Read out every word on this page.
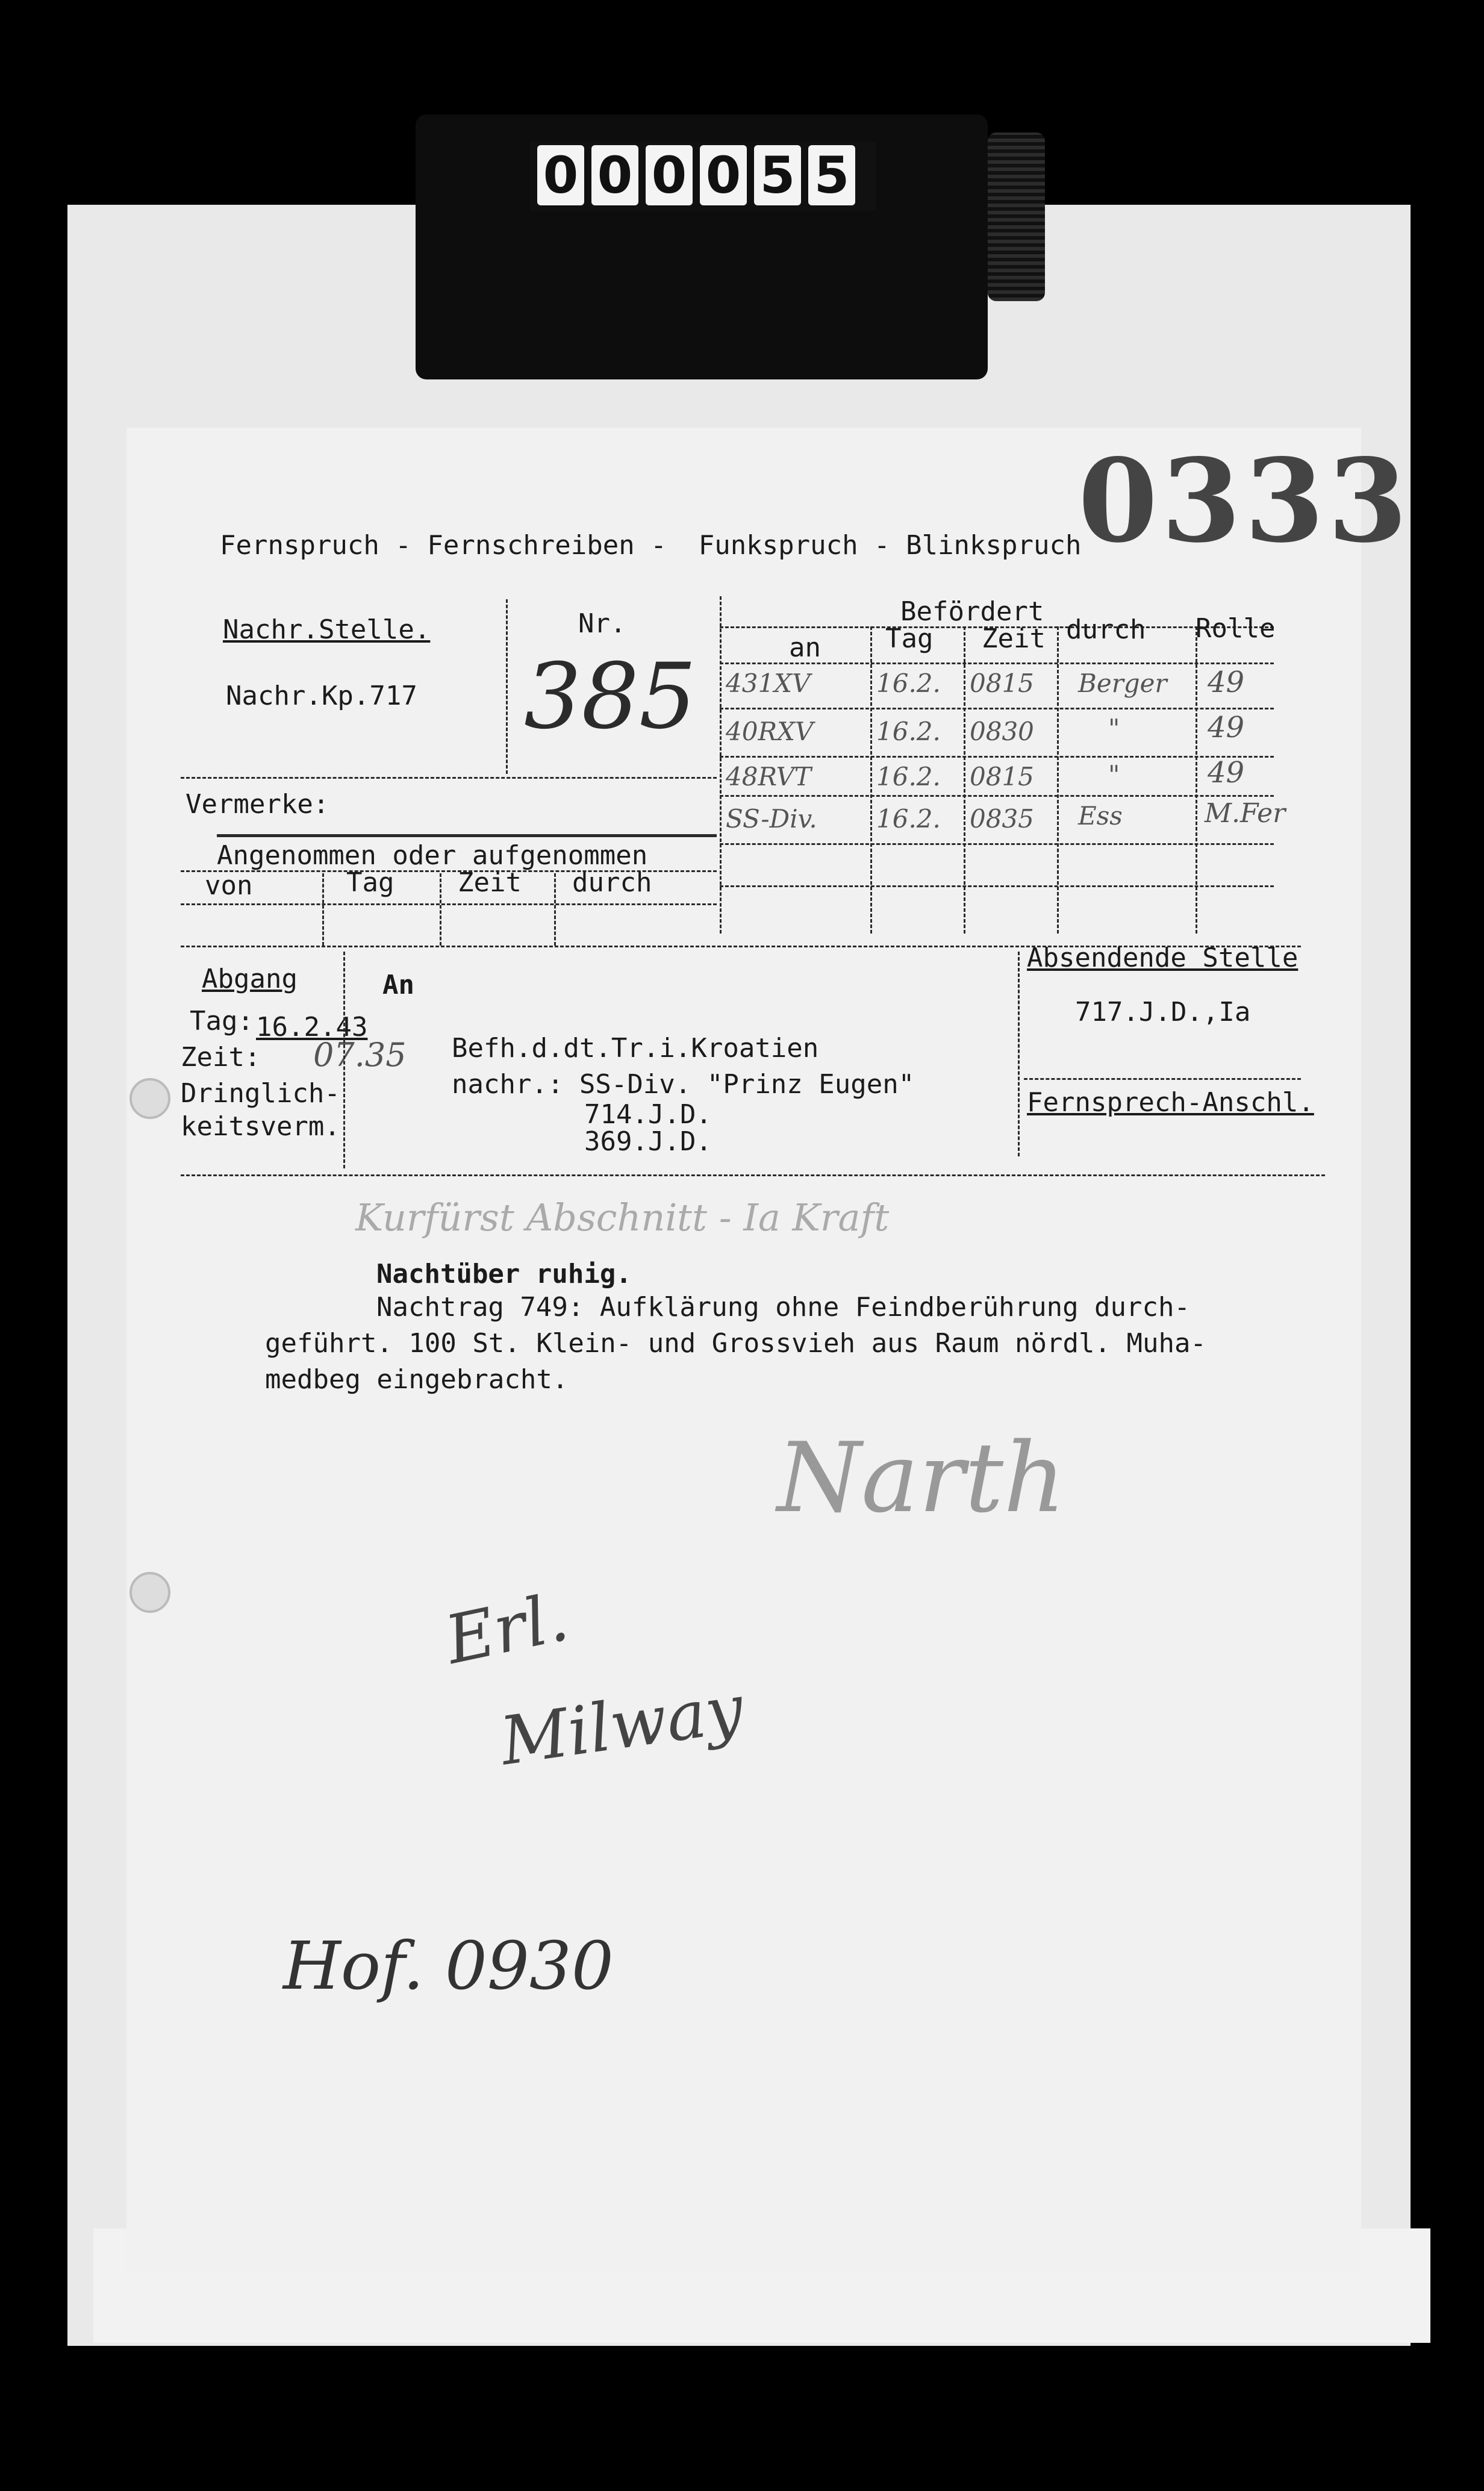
0 0 0 0 5 5
0333
Fernspruch - Fernschreiben -  Funkspruch - Blinkspruch
Nachr.Stelle.
Nachr.Kp.717
Nr.
385
Befördert
an Tag Zeit durch Rolle
431XV	16.2. 0815 Berger 49
40RXV 16.2. 0830	"	49
48RVT	16.2. 0815	"	49
SS-Div. 16.2. 0835 Ess	M.Fer
Vermerke:
Angenommen oder aufgenommen
von	Tag Zeit durch
Abgang
Tag: 16.2.43
Zeit: 07.35
Dringlich-
keitsverm.
An
Befh.d.dt.Tr.i.Kroatien
nachr.: SS-Div. "Prinz Eugen"
714.J.D.
369.J.D.
Absendende Stelle
717.J.D.,Ia
Fernsprech-Anschl.
Kurfürst Abschnitt - Ia Kraft
Nachtüber ruhig.
Nachtrag 749: Aufklärung ohne Feindberührung durch-
geführt. 100 St. Klein- und Grossvieh aus Raum nördl. Muha-
medbeg eingebracht.
Narth
Erl.
Milway
Hof. 0930
